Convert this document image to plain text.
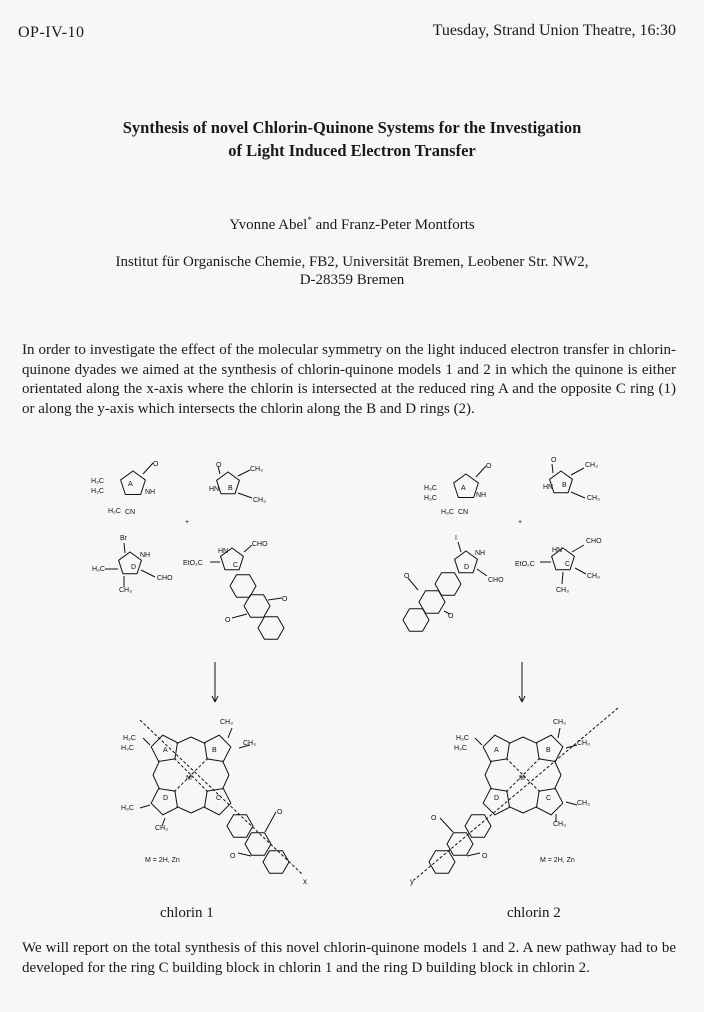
OP-IV-10	Tuesday, Strand Union Theatre, 16:30
Synthesis of novel Chlorin-Quinone Systems for the Investigation
of Light Induced Electron Transfer
Yvonne Abel* and Franz-Peter Montforts
Institut für Organische Chemie, FB2, Universität Bremen, Leobener Str. NW2,
D-28359 Bremen
In order to investigate the effect of the molecular symmetry on the light induced electron transfer in chlorin-quinone dyades we aimed at the synthesis of chlorin-quinone models 1 and 2 in which the quinone is either orientated along the x-axis where the chlorin is intersected at the reduced ring A and the opposite C ring (1) or along the y-axis which intersects the chlorin along the B and D rings (2).
H₃C
H₃C
A
NH
O
H₃C CN
O
CH₃
HN B
CH₃
+
Br
NH
D
H₃C
CHO
CH₃
HN
CHO
EtO₂C	C
O
O
H₃C
H₃C
A
NH
O
H₃C CN
O
CH₃
HN B
CH₃
+
I
NH
D
CHO
O
O
HN
CHO
EtO₂C	C
CH₃
CH₃
H₃C
H₃C	A	B
D	C
CH₃
CH₃
H₃C
CH₃
M
O
O
M = 2H, Zn
x
H₃C
H₃C	A	B
D	C
CH₃
CH₃
CH₃
CH₃
M
O
O
M = 2H, Zn
y
chlorin 1	chlorin 2
We will report on the total synthesis of this novel chlorin-quinone models 1 and 2. A new pathway had to be developed for the ring C building block in chlorin 1 and the ring D building block in chlorin 2.
